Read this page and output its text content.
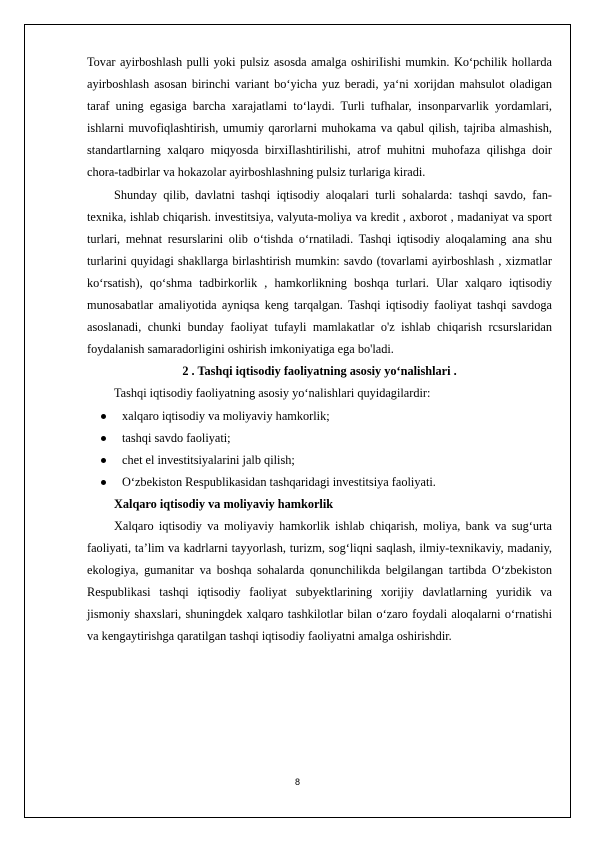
Tovar ayirboshlash pulli yoki pulsiz asosda amalga oshiriIishi mumkin. Ko‘pchilik hollarda ayirboshlash asosan birinchi variant bo‘yicha yuz beradi, ya‘ni xorijdan mahsulot oladigan taraf uning egasiga barcha xarajatlami to‘laydi. Turli tufhalar, insonparvarlik yordamlari, ishlarni muvofiqlashtirish, umumiy qarorlarni muhokama va qabul qilish, tajriba almashish, standartlarning xalqaro miqyosda birxiIlashtirilishi, atrof muhitni muhofaza qilishga doir chora-tadbirlar va hokazolar ayirboshlashning pulsiz turlariga kiradi.

Shunday qilib, davlatni tashqi iqtisodiy aloqalari turli sohalarda: tashqi savdo, fan-texnika, ishlab chiqarish. investitsiya, valyuta-moliya va kredit , axborot , madaniyat va sport turlari, mehnat resurslarini olib o‘tishda o‘rnatiladi. Tashqi iqtisodiy aloqalaming ana shu turlarini quyidagi shakllarga birlashtirish mumkin: savdo (tovarlami ayirboshlash , xizmatlar ko‘rsatish), qo‘shma tadbirkorlik , hamkorlikning boshqa turlari. Ular xalqaro iqtisodiy munosabatlar amaliyotida ayniqsa keng tarqalgan. Tashqi iqtisodiy faoliyat tashqi savdoga asoslanadi, chunki bunday faoliyat tufayli mamlakatlar o'z ishlab chiqarish rcsurslaridan foydalanish samaradorligini oshirish imkoniyatiga ega bo'ladi.

2 . Tashqi iqtisodiy faoliyatning asosiy yo‘nalishlari .

Tashqi iqtisodiy faoliyatning asosiy yo‘nalishlari quyidagilardir:

xalqaro iqtisodiy va moliyaviy hamkorlik;
tashqi savdo faoliyati;
chet el investitsiyalarini jalb qilish;
O‘zbekiston Respublikasidan tashqaridagi investitsiya faoliyati.

Xalqaro iqtisodiy va moliyaviy hamkorlik

Xalqaro iqtisodiy va moliyaviy hamkorlik ishlab chiqarish, moliya, bank va sug‘urta faoliyati, ta’lim va kadrlarni tayyorlash, turizm, sog‘liqni saqlash, ilmiy-texnikaviy, madaniy, ekologiya, gumanitar va boshqa sohalarda qonunchilikda belgilangan tartibda O‘zbekiston Respublikasi tashqi iqtisodiy faoliyat subyektlarining xorijiy davlatlarning yuridik va jismoniy shaxslari, shuningdek xalqaro tashkilotlar bilan o‘zaro foydali aloqalarni o‘rnatishi va kengaytirishga qaratilgan tashqi iqtisodiy faoliyatni amalga oshirishdir.

8
